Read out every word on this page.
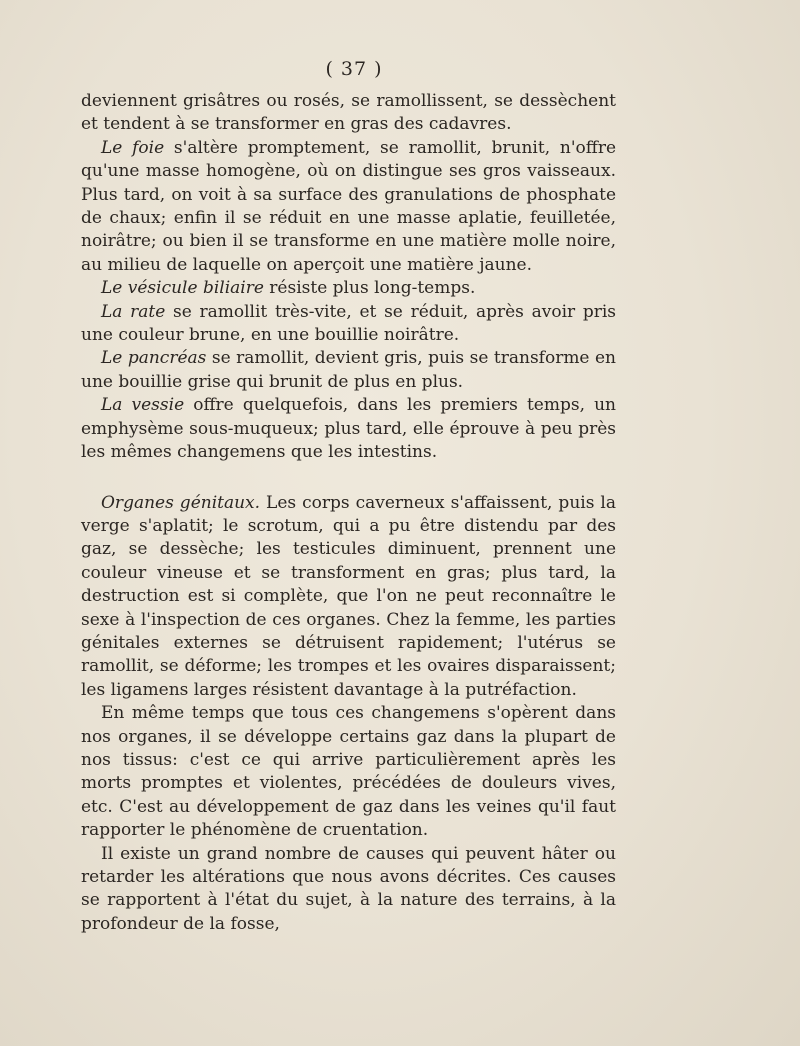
( 37 )

deviennent grisâtres ou rosés, se ramollissent, se dessèchent et tendent à se transformer en gras des cadavres.

Le foie s'altère promptement, se ramollit, brunit, n'offre qu'une masse homogène, où on distingue ses gros vaisseaux. Plus tard, on voit à sa surface des granulations de phosphate de chaux; enfin il se réduit en une masse aplatie, feuilletée, noirâtre; ou bien il se transforme en une matière molle noire, au milieu de laquelle on aperçoit une matière jaune.

Le vésicule biliaire résiste plus long-temps.

La rate se ramollit très-vite, et se réduit, après avoir pris une couleur brune, en une bouillie noirâtre.

Le pancréas se ramollit, devient gris, puis se transforme en une bouillie grise qui brunit de plus en plus.

La vessie offre quelquefois, dans les premiers temps, un emphysème sous-muqueux; plus tard, elle éprouve à peu près les mêmes changemens que les intestins.

Organes génitaux. Les corps caverneux s'affaissent, puis la verge s'aplatit; le scrotum, qui a pu être distendu par des gaz, se dessèche; les testicules diminuent, prennent une couleur vineuse et se transforment en gras; plus tard, la destruction est si complète, que l'on ne peut reconnaître le sexe à l'inspection de ces organes. Chez la femme, les parties génitales externes se détruisent rapidement; l'utérus se ramollit, se déforme; les trompes et les ovaires disparaissent; les ligamens larges résistent davantage à la putréfaction.

En même temps que tous ces changemens s'opèrent dans nos organes, il se développe certains gaz dans la plupart de nos tissus: c'est ce qui arrive particulièrement après les morts promptes et violentes, précédées de douleurs vives, etc. C'est au développement de gaz dans les veines qu'il faut rapporter le phénomène de cruentation.

Il existe un grand nombre de causes qui peuvent hâter ou retarder les altérations que nous avons décrites. Ces causes se rapportent à l'état du sujet, à la nature des terrains, à la profondeur de la fosse,
